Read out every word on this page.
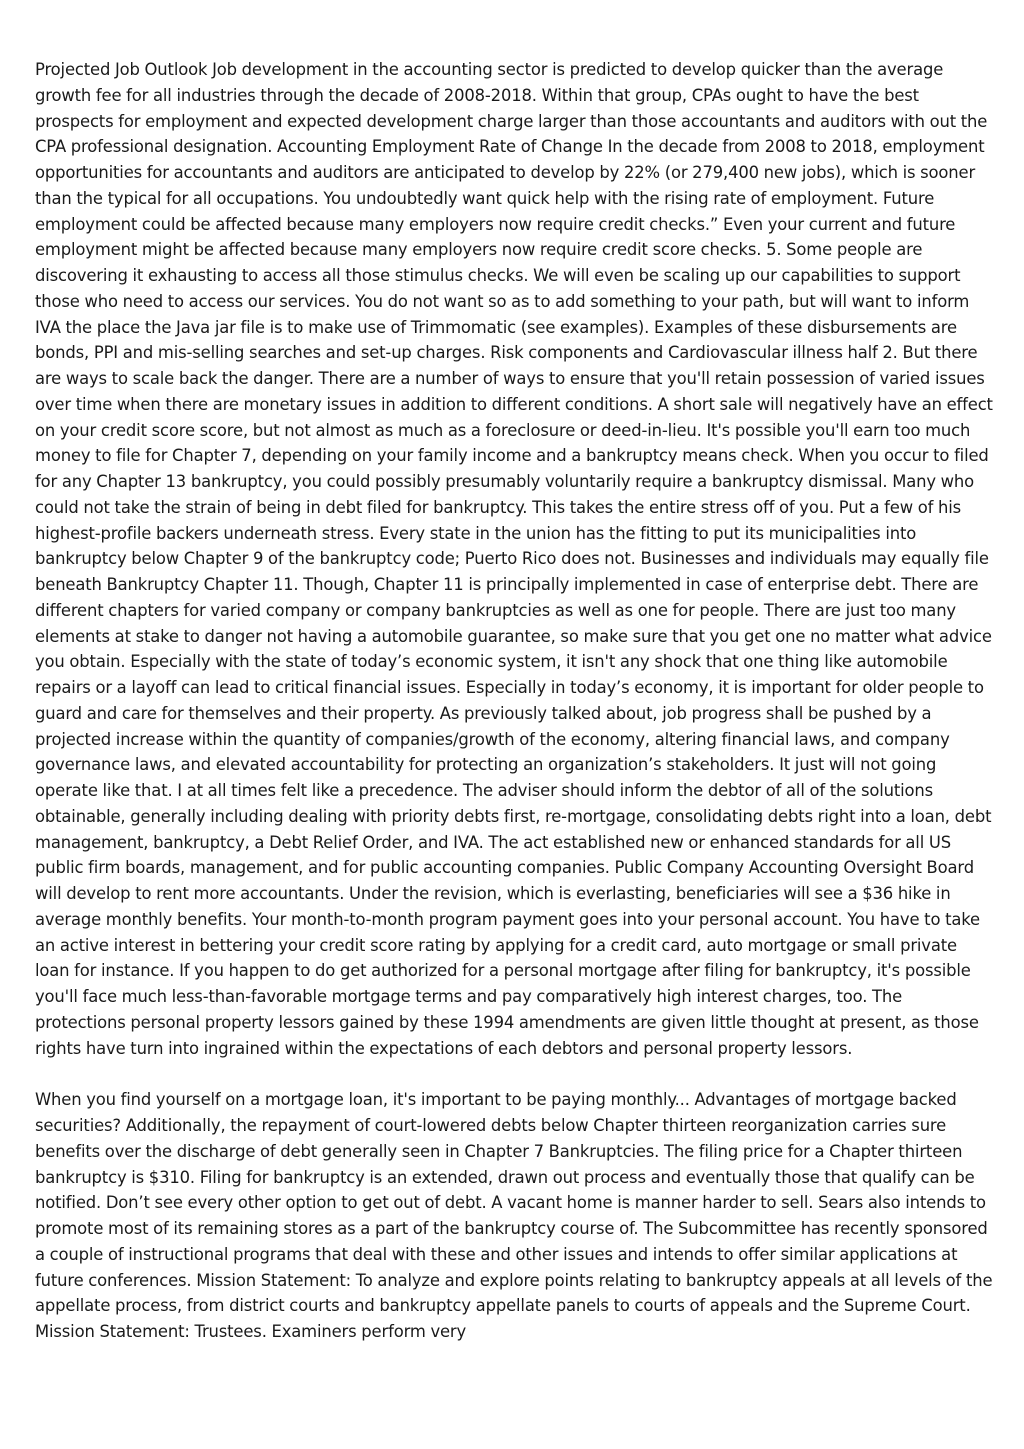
Projected Job Outlook Job development in the accounting sector is predicted to develop quicker than the average growth fee for all industries through the decade of 2008-2018. Within that group, CPAs ought to have the best prospects for employment and expected development charge larger than those accountants and auditors with out the CPA professional designation. Accounting Employment Rate of Change In the decade from 2008 to 2018, employment opportunities for accountants and auditors are anticipated to develop by 22% (or 279,400 new jobs), which is sooner than the typical for all occupations. You undoubtedly want quick help with the rising rate of employment. Future employment could be affected because many employers now require credit checks.” Even your current and future employment might be affected because many employers now require credit score checks. 5. Some people are discovering it exhausting to access all those stimulus checks. We will even be scaling up our capabilities to support those who need to access our services. You do not want so as to add something to your path, but will want to inform IVA the place the Java jar file is to make use of Trimmomatic (see examples). Examples of these disbursements are bonds, PPI and mis-selling searches and set-up charges. Risk components and Cardiovascular illness half 2. But there are ways to scale back the danger. There are a number of ways to ensure that you'll retain possession of varied issues over time when there are monetary issues in addition to different conditions. A short sale will negatively have an effect on your credit score score, but not almost as much as a foreclosure or deed-in-lieu. It's possible you'll earn too much money to file for Chapter 7, depending on your family income and a bankruptcy means check. When you occur to filed for any Chapter 13 bankruptcy, you could possibly presumably voluntarily require a bankruptcy dismissal. Many who could not take the strain of being in debt filed for bankruptcy. This takes the entire stress off of you. Put a few of his highest-profile backers underneath stress. Every state in the union has the fitting to put its municipalities into bankruptcy below Chapter 9 of the bankruptcy code; Puerto Rico does not. Businesses and individuals may equally file beneath Bankruptcy Chapter 11. Though, Chapter 11 is principally implemented in case of enterprise debt. There are different chapters for varied company or company bankruptcies as well as one for people. There are just too many elements at stake to danger not having a automobile guarantee, so make sure that you get one no matter what advice you obtain. Especially with the state of today’s economic system, it isn't any shock that one thing like automobile repairs or a layoff can lead to critical financial issues. Especially in today’s economy, it is important for older people to guard and care for themselves and their property. As previously talked about, job progress shall be pushed by a projected increase within the quantity of companies/growth of the economy, altering financial laws, and company governance laws, and elevated accountability for protecting an organization’s stakeholders. It just will not going operate like that. I at all times felt like a precedence. The adviser should inform the debtor of all of the solutions obtainable, generally including dealing with priority debts first, re-mortgage, consolidating debts right into a loan, debt management, bankruptcy, a Debt Relief Order, and IVA. The act established new or enhanced standards for all US public firm boards, management, and for public accounting companies. Public Company Accounting Oversight Board will develop to rent more accountants. Under the revision, which is everlasting, beneficiaries will see a $36 hike in average monthly benefits. Your month-to-month program payment goes into your personal account. You have to take an active interest in bettering your credit score rating by applying for a credit card, auto mortgage or small private loan for instance. If you happen to do get authorized for a personal mortgage after filing for bankruptcy, it's possible you'll face much less-than-favorable mortgage terms and pay comparatively high interest charges, too. The protections personal property lessors gained by these 1994 amendments are given little thought at present, as those rights have turn into ingrained within the expectations of each debtors and personal property lessors.

When you find yourself on a mortgage loan, it's important to be paying monthly... Advantages of mortgage backed securities? Additionally, the repayment of court-lowered debts below Chapter thirteen reorganization carries sure benefits over the discharge of debt generally seen in Chapter 7 Bankruptcies. The filing price for a Chapter thirteen bankruptcy is $310. Filing for bankruptcy is an extended, drawn out process and eventually those that qualify can be notified. Don’t see every other option to get out of debt. A vacant home is manner harder to sell. Sears also intends to promote most of its remaining stores as a part of the bankruptcy course of. The Subcommittee has recently sponsored a couple of instructional programs that deal with these and other issues and intends to offer similar applications at future conferences. Mission Statement: To analyze and explore points relating to bankruptcy appeals at all levels of the appellate process, from district courts and bankruptcy appellate panels to courts of appeals and the Supreme Court. Mission Statement: Trustees. Examiners perform very
